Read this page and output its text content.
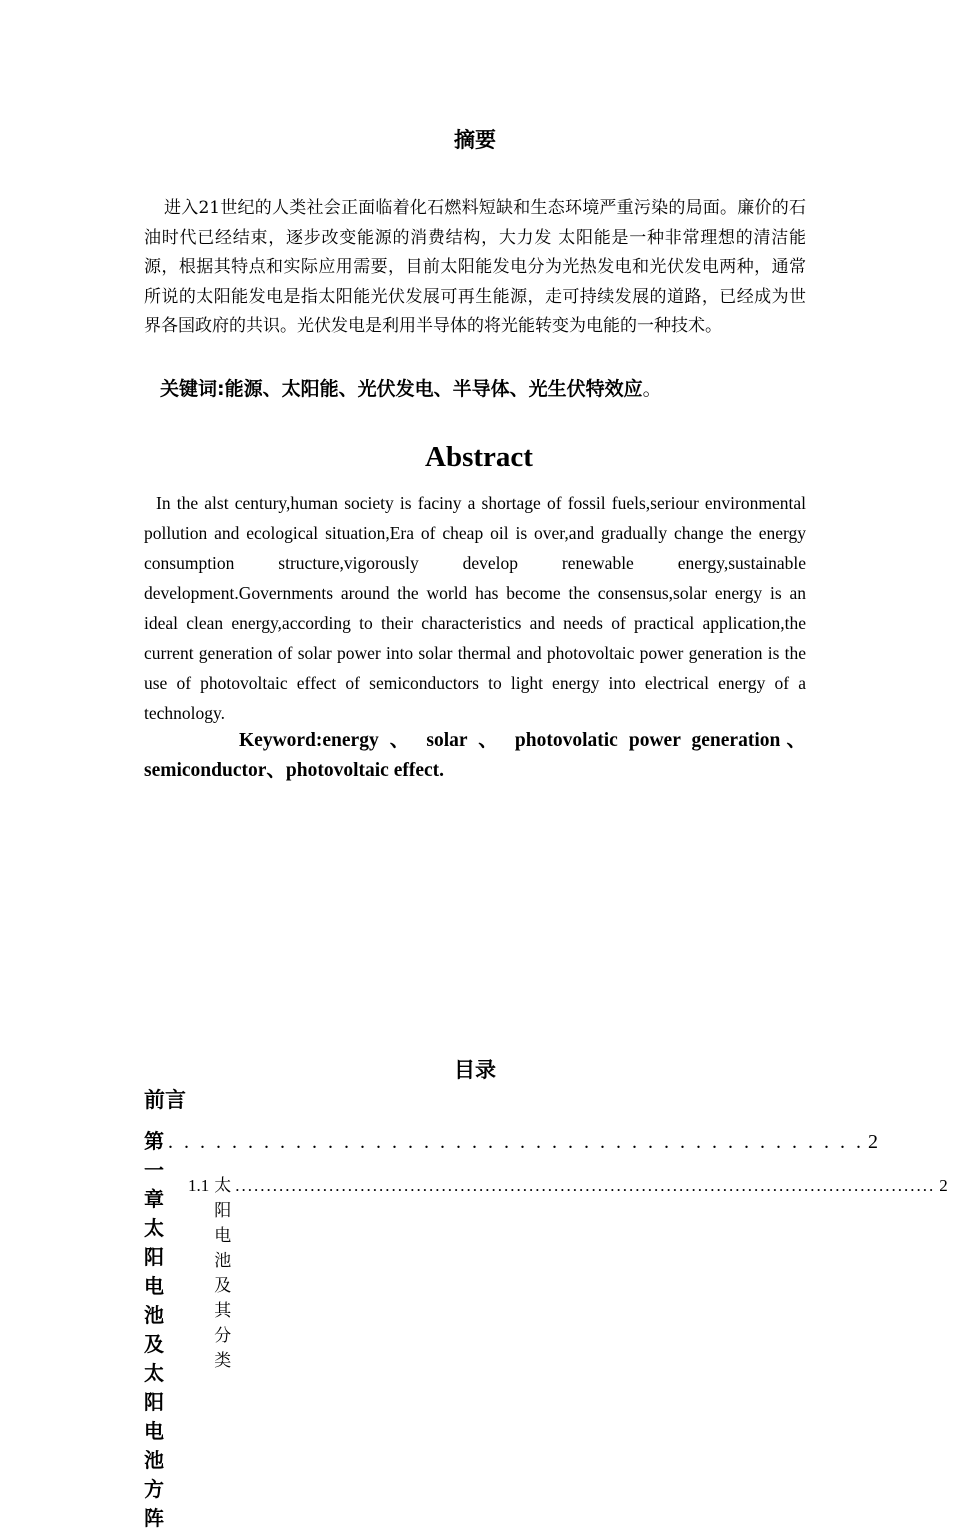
摘要

进入21世纪的人类社会正面临着化石燃料短缺和生态环境严重污染的局面。廉价的石油时代已经结束，逐步改变能源的消费结构，大力发 太阳能是一种非常理想的清洁能源，根据其特点和实际应用需要，目前太阳能发电分为光热发电和光伏发电两种，通常所说的太阳能发电是指太阳能光伏发展可再生能源，走可持续发展的道路，已经成为世界各国政府的共识。光伏发电是利用半导体的将光能转变为电能的一种技术。

关键词:能源、太阳能、光伏发电、半导体、光生伏特效应。

Abstract

In the alst century,human society is faciny a shortage of fossil fuels,seriour environmental pollution and ecological situation,Era of cheap oil is over,and gradually change the energy consumption structure,vigorously develop renewable energy,sustainable development.Governments around the world has become the consensus,solar energy is an ideal clean energy,according to their characteristics and needs of practical application,the current generation of solar power into solar thermal and photovoltaic power generation is the use of photovoltaic effect of semiconductors to light energy into electrical energy of a technology.

Keyword:energy 、 solar 、 photovolatic power generation、semiconductor、photovoltaic effect.

目录
前言
第一章 太阳电池及太阳电池方阵
. . . . . . . . . . . . . . . . . . . . . . . . . . . . . . . . . . . . . . . . . . . . 2
1.1 太阳电池及其分类
................................................................................................................ 2
